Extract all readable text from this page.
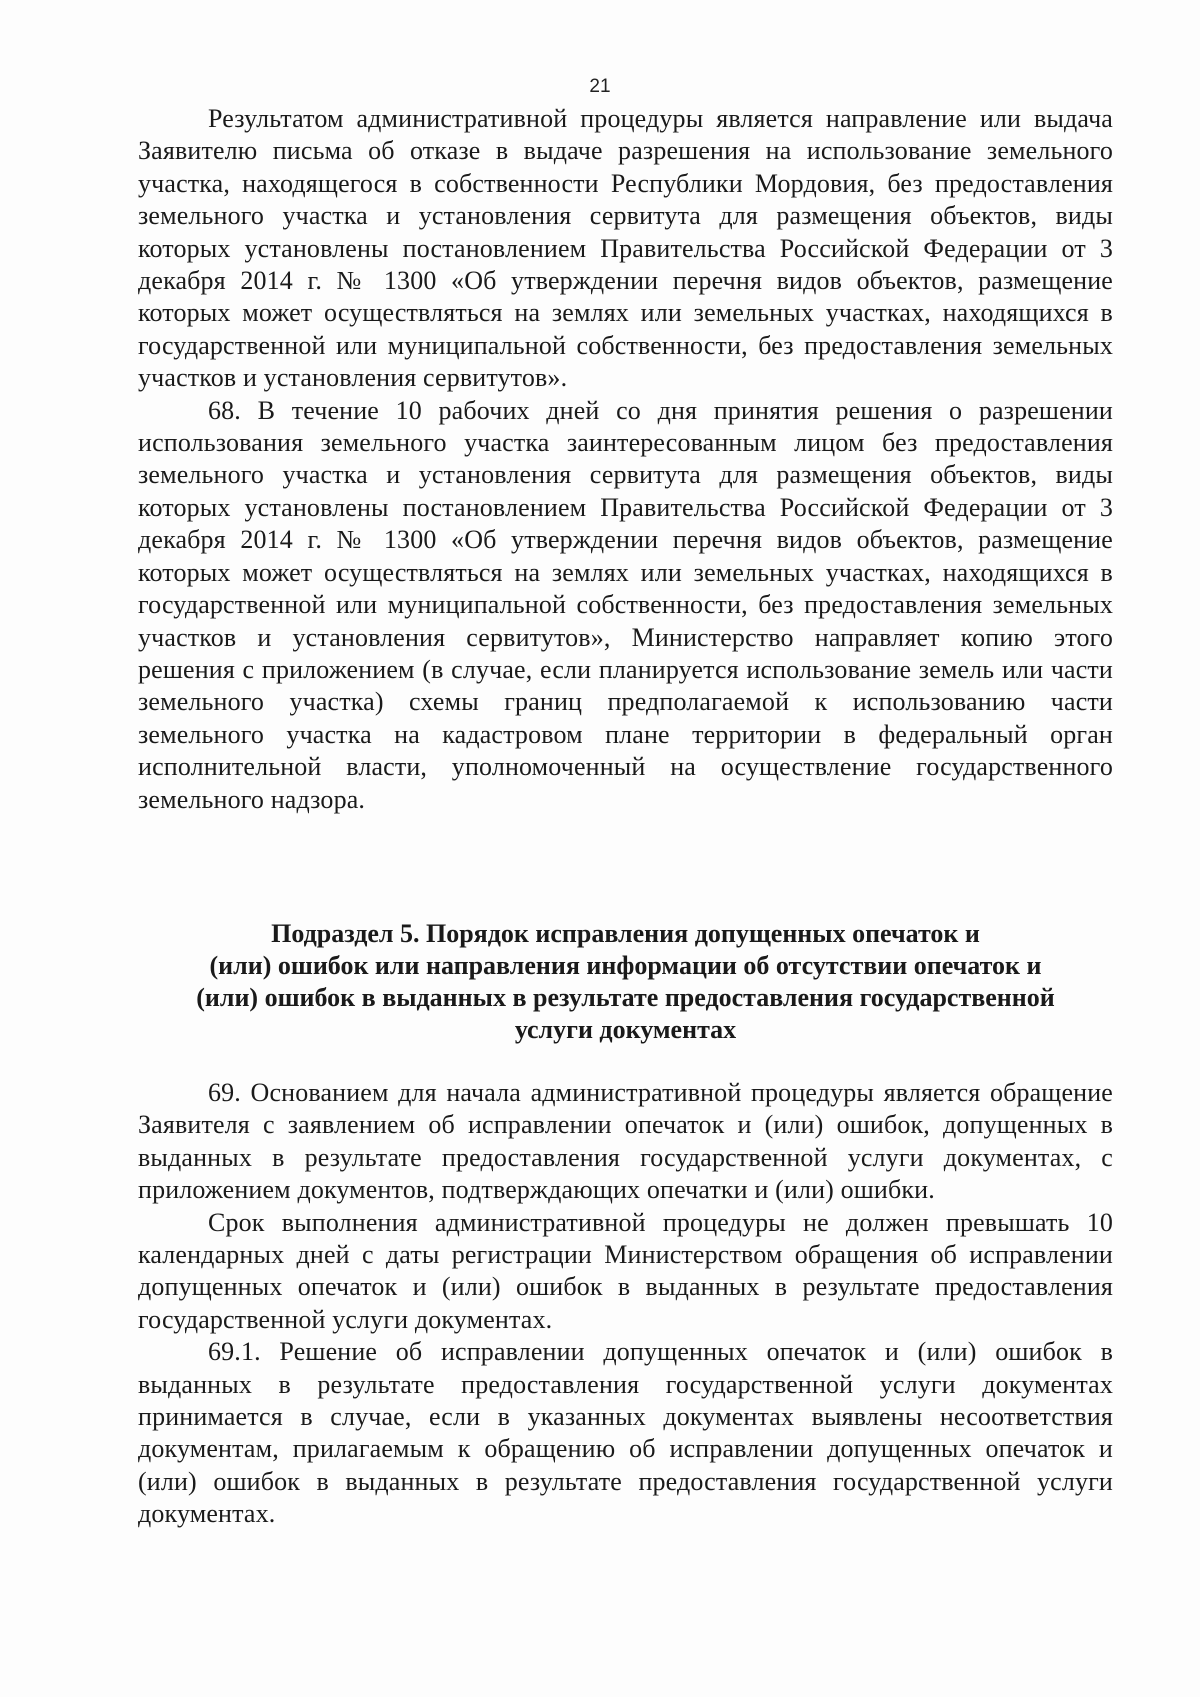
21

Результатом административной процедуры является направление или выдача Заявителю письма об отказе в выдаче разрешения на использование земельного участка, находящегося в собственности Республики Мордовия, без предоставления земельного участка и установления сервитута для размещения объектов, виды которых установлены постановлением Правительства Российской Федерации от 3 декабря 2014 г. № 1300 «Об утверждении перечня видов объектов, размещение которых может осуществляться на землях или земельных участках, находящихся в государственной или муниципальной собственности, без предоставления земельных участков и установления сервитутов».

68. В течение 10 рабочих дней со дня принятия решения о разрешении использования земельного участка заинтересованным лицом без предоставления земельного участка и установления сервитута для размещения объектов, виды которых установлены постановлением Правительства Российской Федерации от 3 декабря 2014 г. № 1300 «Об утверждении перечня видов объектов, размещение которых может осуществляться на землях или земельных участках, находящихся в государственной или муниципальной собственности, без предоставления земельных участков и установления сервитутов», Министерство направляет копию этого решения с приложением (в случае, если планируется использование земель или части земельного участка) схемы границ предполагаемой к использованию части земельного участка на кадастровом плане территории в федеральный орган исполнительной власти, уполномоченный на осуществление государственного земельного надзора.

Подраздел 5. Порядок исправления допущенных опечаток и
(или) ошибок или направления информации об отсутствии опечаток и
(или) ошибок в выданных в результате предоставления государственной
услуги документах

69. Основанием для начала административной процедуры является обращение Заявителя с заявлением об исправлении опечаток и (или) ошибок, допущенных в выданных в результате предоставления государственной услуги документах, с приложением документов, подтверждающих опечатки и (или) ошибки.

Срок выполнения административной процедуры не должен превышать 10 календарных дней с даты регистрации Министерством обращения об исправлении допущенных опечаток и (или) ошибок в выданных в результате предоставления государственной услуги документах.

69.1. Решение об исправлении допущенных опечаток и (или) ошибок в выданных в результате предоставления государственной услуги документах принимается в случае, если в указанных документах выявлены несоответствия документам, прилагаемым к обращению об исправлении допущенных опечаток и (или) ошибок в выданных в результате предоставления государственной услуги документах.
